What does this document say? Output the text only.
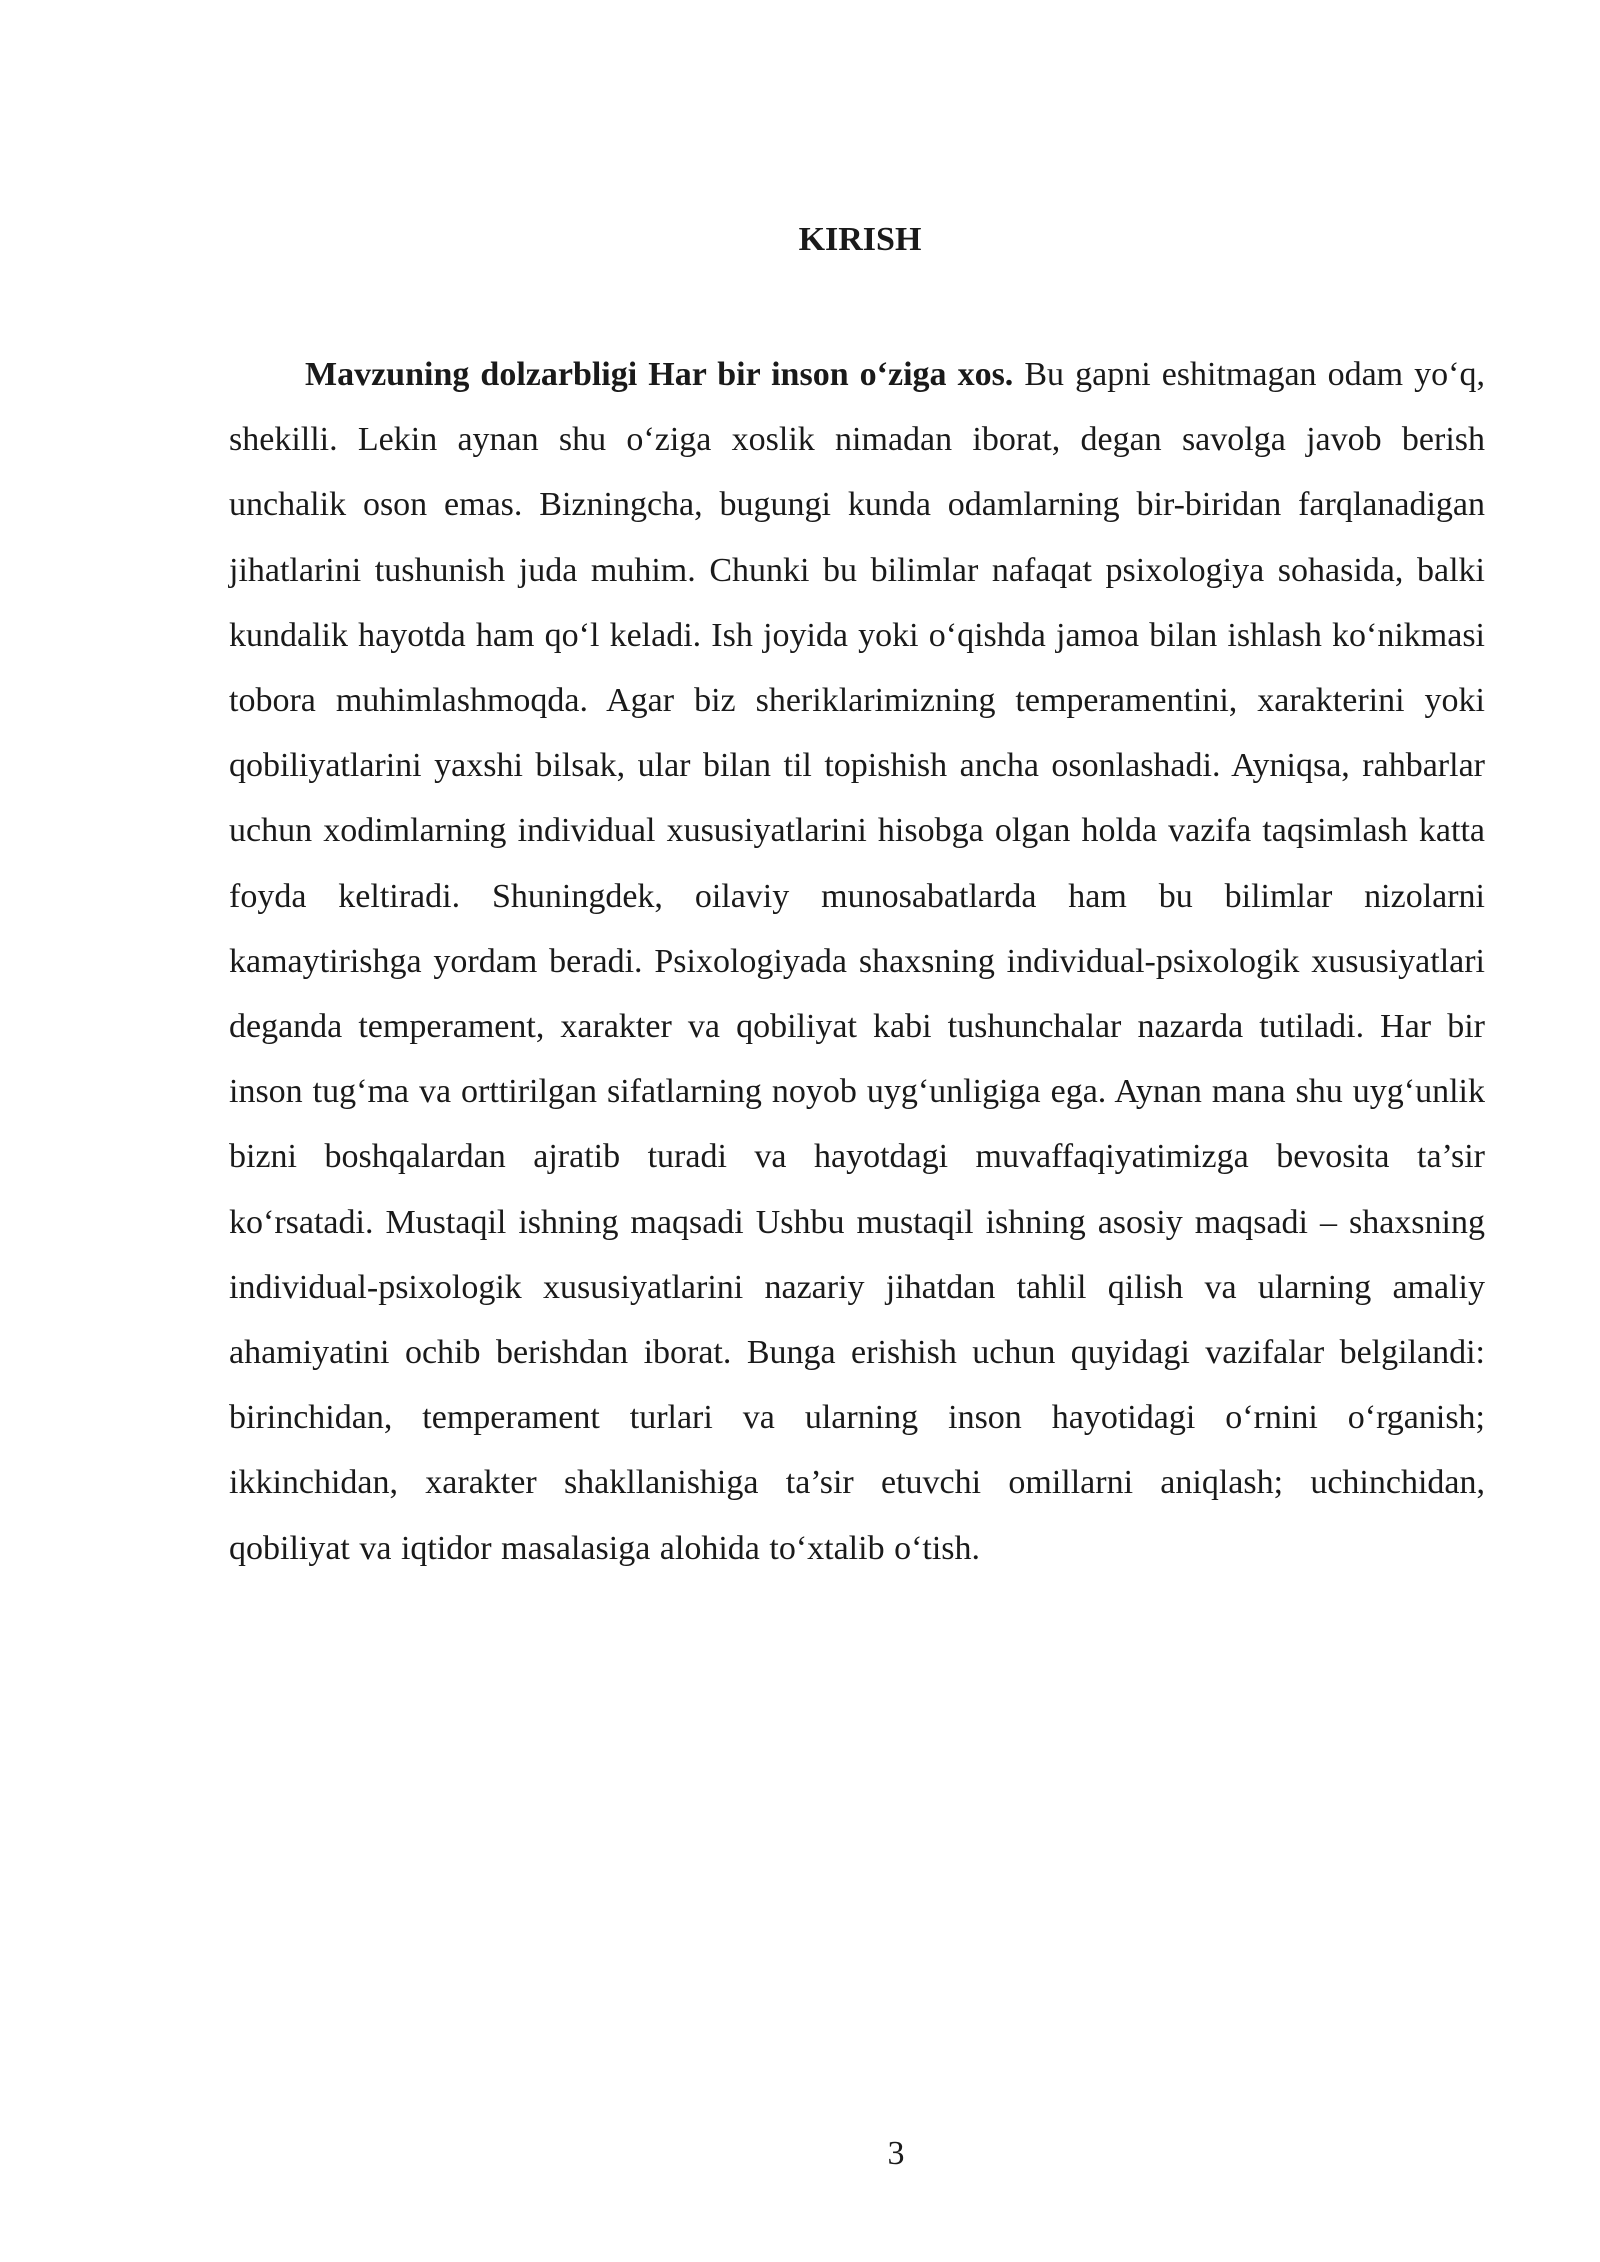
KIRISH

Mavzuning dolzarbligi Har bir inson o‘ziga xos. Bu gapni eshitmagan odam yo‘q, shekilli. Lekin aynan shu o‘ziga xoslik nimadan iborat, degan savolga javob berish unchalik oson emas. Bizningcha, bugungi kunda odamlarning bir-biridan farqlanadigan jihatlarini tushunish juda muhim. Chunki bu bilimlar nafaqat psixologiya sohasida, balki kundalik hayotda ham qo‘l keladi. Ish joyida yoki o‘qishda jamoa bilan ishlash ko‘nikmasi tobora muhimlashmoqda. Agar biz sheriklarimizning temperamentini, xarakterini yoki qobiliyatlarini yaxshi bilsak, ular bilan til topishish ancha osonlashadi. Ayniqsa, rahbarlar uchun xodimlarning individual xususiyatlarini hisobga olgan holda vazifa taqsimlash katta foyda keltiradi. Shuningdek, oilaviy munosabatlarda ham bu bilimlar nizolarni kamaytirishga yordam beradi. Psixologiyada shaxsning individual-psixologik xususiyatlari deganda temperament, xarakter va qobiliyat kabi tushunchalar nazarda tutiladi. Har bir inson tug‘ma va orttirilgan sifatlarning noyob uyg‘unligiga ega. Aynan mana shu uyg‘unlik bizni boshqalardan ajratib turadi va hayotdagi muvaffaqiyatimizga bevosita ta’sir ko‘rsatadi. Mustaqil ishning maqsadi Ushbu mustaqil ishning asosiy maqsadi – shaxsning individual-psixologik xususiyatlarini nazariy jihatdan tahlil qilish va ularning amaliy ahamiyatini ochib berishdan iborat. Bunga erishish uchun quyidagi vazifalar belgilandi: birinchidan, temperament turlari va ularning inson hayotidagi o‘rnini o‘rganish; ikkinchidan, xarakter shakllanishiga ta’sir etuvchi omillarni aniqlash; uchinchidan, qobiliyat va iqtidor masalasiga alohida to‘xtalib o‘tish.

3
